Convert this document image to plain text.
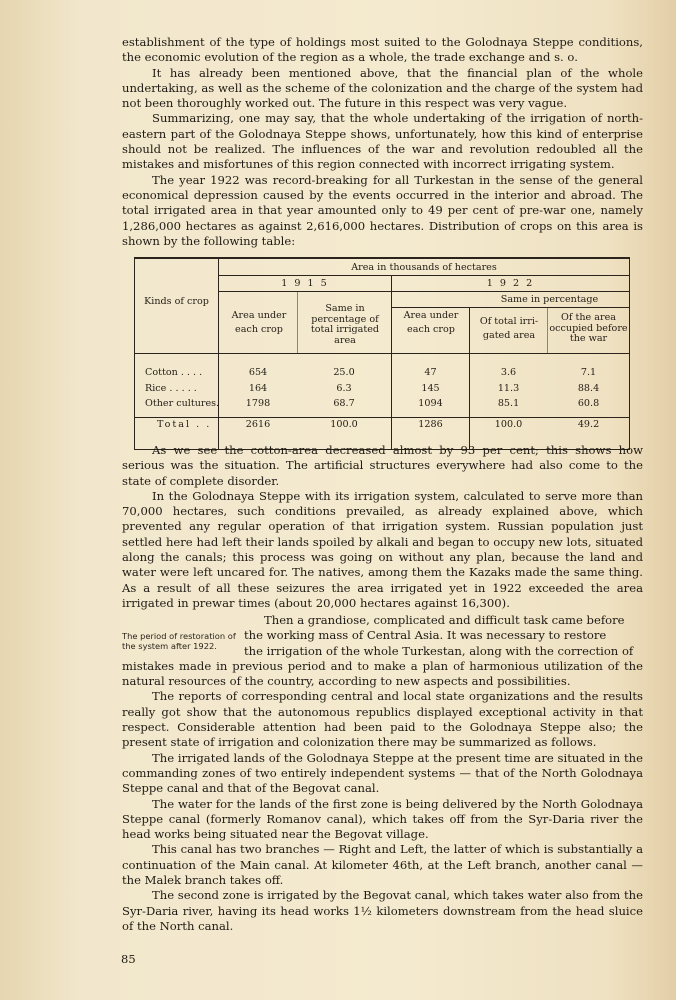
establishment of the type of holdings most suited to the Golodnaya Steppe conditions, the economic evolution of the region as a whole, the trade exchange and s. o.

It has already been mentioned above, that the financial plan of the whole undertaking, as well as the scheme of the colonization and the charge of the system had not been thoroughly worked out. The future in this respect was very vague.

Summarizing, one may say, that the whole undertaking of the irrigation of north-eastern part of the Golodnaya Steppe shows, unfortunately, how this kind of enterprise should not be realized. The influences of the war and revolution redoubled all the mistakes and misfortunes of this region connected with incorrect irrigating system.

The year 1922 was record-breaking for all Turkestan in the sense of the general economical depression caused by the events occurred in the interior and abroad. The total irrigated area in that year amounted only to 49 per cent of pre-war one, namely 1,286,000 hectares as against 2,616,000 hectares. Distribution of crops on this area is shown by the following table:

Kinds of crop
Area in thousands of hectares
1 9 1 5	1 9 2 2
Area under each crop
Same in percentage of total irrigated area
Area under each crop
Same in percentage
Of total irri-gated area
Of the area occupied before the war
Cotton . . . .
Rice . . . . .
Other cultures.
Total . .
654
164
1798
2616
25.0
6.3
68.7
100.0
47
145
1094
1286
3.6
11.3
85.1
100.0
7.1
88.4
60.8
49.2

As we see the cotton-area decreased almost by 93 per cent; this shows how serious was the situation. The artificial structures everywhere had also come to the state of complete disorder.

In the Golodnaya Steppe with its irrigation system, calculated to serve more than 70,000 hectares, such conditions prevailed, as already explained above, which prevented any regular operation of that irrigation system. Russian population just settled here had left their lands spoiled by alkali and began to occupy new lots, situated along the canals; this process was going on without any plan, because the land and water were left uncared for. The natives, among them the Kazaks made the same thing. As a result of all these seizures the area irrigated yet in 1922 exceeded the area irrigated in prewar times (about 20,000 hectares against 16,300).

The period of restoration of the system after 1922.

Then a grandiose, complicated and difficult task came before
the working mass of Central Asia. It was necessary to restore
the irrigation of the whole Turkestan, along with the correction of
mistakes made in previous period and to make a plan of harmonious utilization of the natural resources of the country, according to new aspects and possibilities.

The reports of corresponding central and local state organizations and the results really got show that the autonomous republics displayed exceptional activity in that respect. Considerable attention had been paid to the Golodnaya Steppe also; the present state of irrigation and colonization there may be summarized as follows.

The irrigated lands of the Golodnaya Steppe at the present time are situated in the commanding zones of two entirely independent systems — that of the North Golodnaya Steppe canal and that of the Begovat canal.

The water for the lands of the first zone is being delivered by the North Golodnaya Steppe canal (formerly Romanov canal), which takes off from the Syr-Daria river the head works being situated near the Begovat village.

This canal has two branches — Right and Left, the latter of which is substantially a continuation of the Main canal. At kilometer 46th, at the Left branch, another canal — the Malek branch takes off.

The second zone is irrigated by the Begovat canal, which takes water also from the Syr-Daria river, having its head works 1½ kilometers downstream from the head sluice of the North canal.

85
